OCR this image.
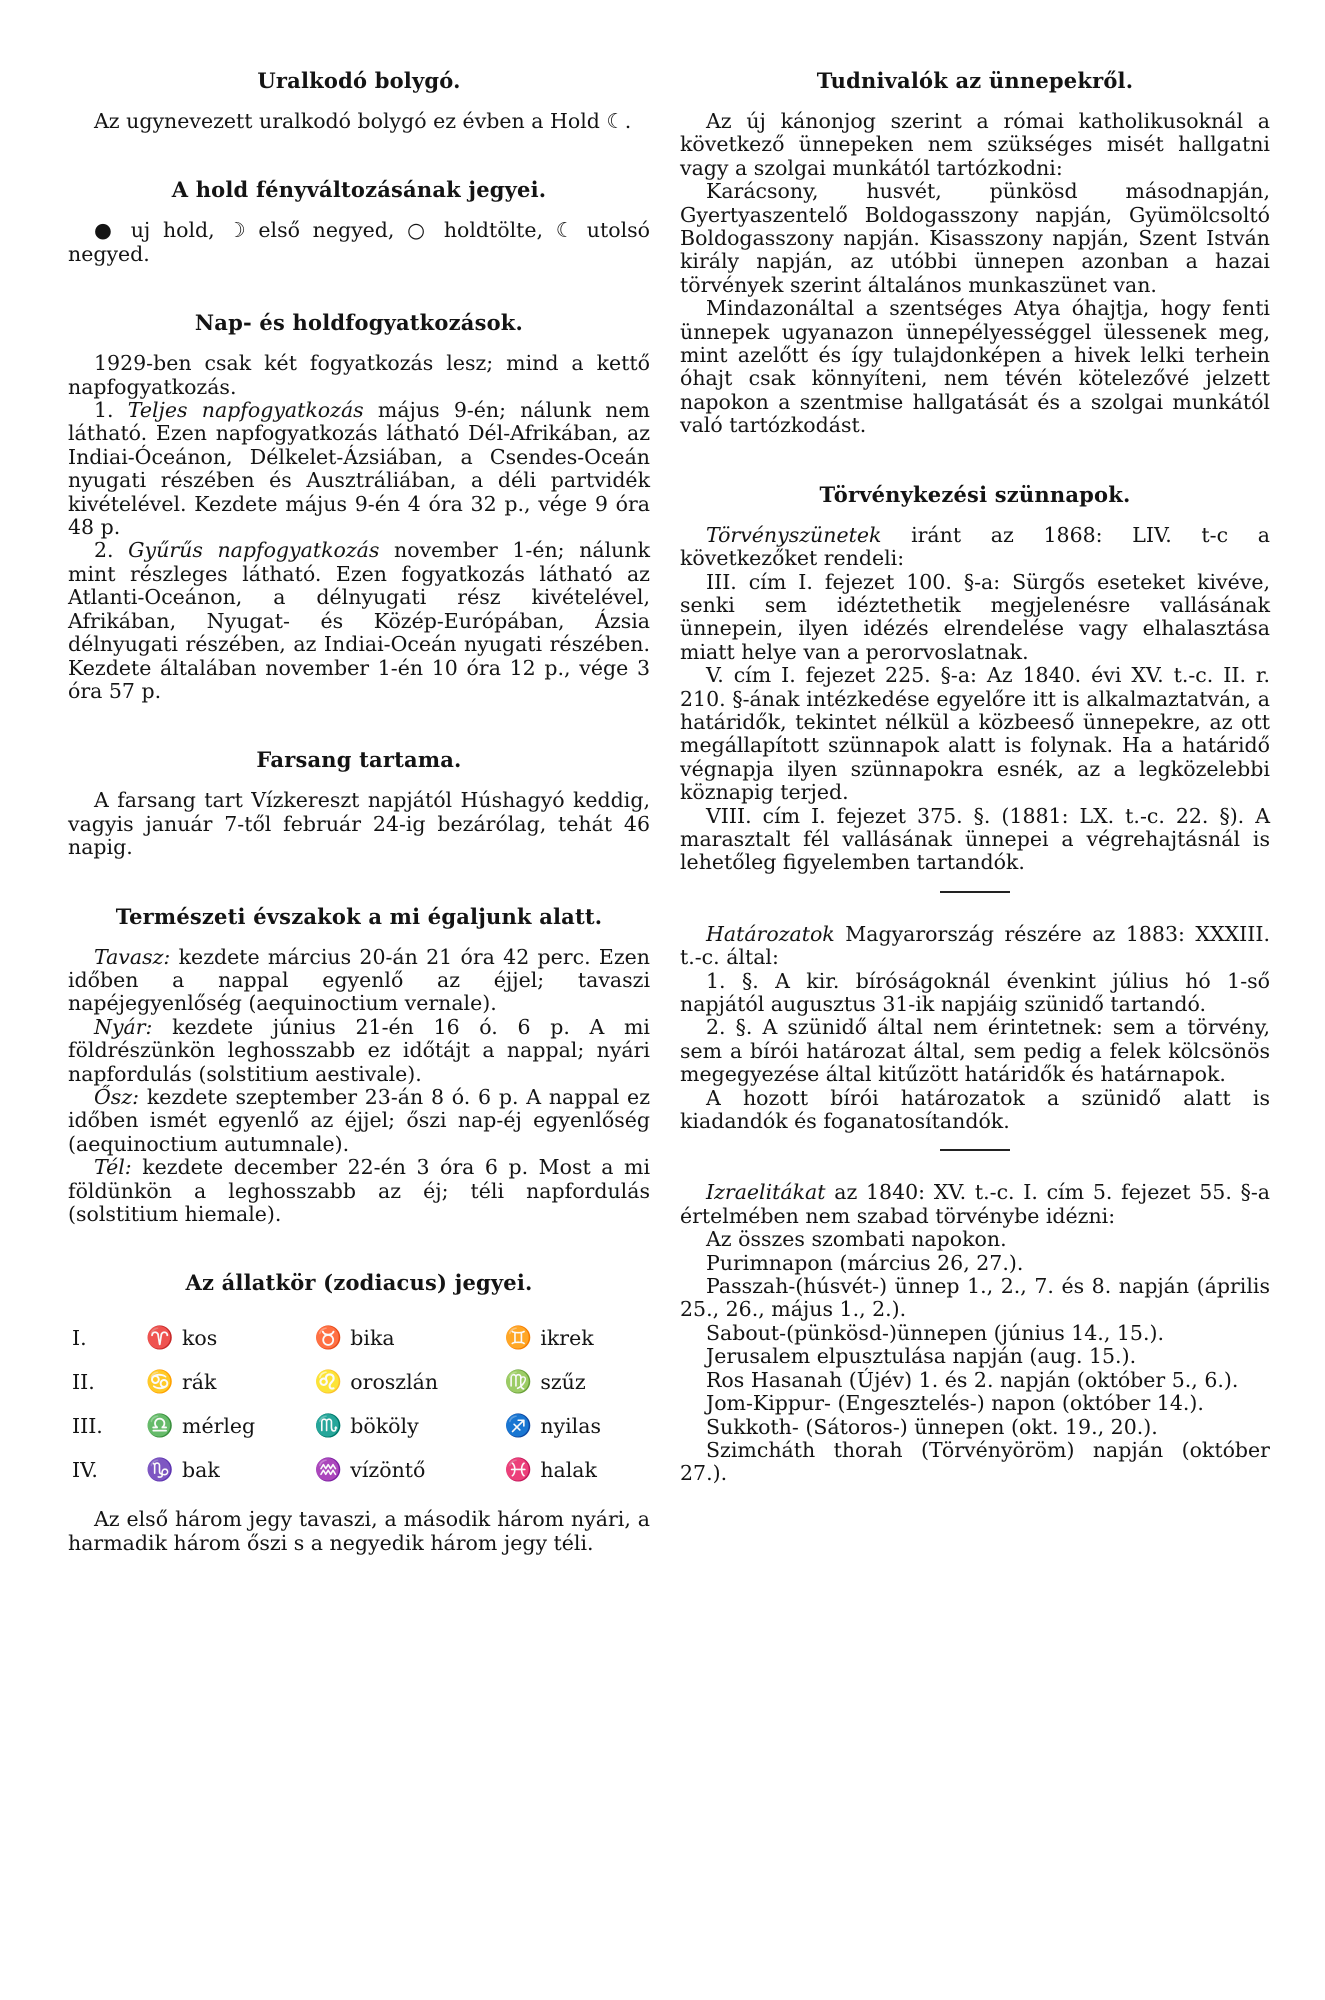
Uralkodó bolygó.

Az ugynevezett uralkodó bolygó ez évben a Hold ☾.

A hold fényváltozásának jegyei.

● uj hold, ☽ első negyed, ○ holdtölte, ☾ utolsó negyed.

Nap- és holdfogyatkozások.

1929-ben csak két fogyatkozás lesz; mind a kettő napfogyatkozás.

1. Teljes napfogyatkozás május 9-én; nálunk nem látható. Ezen napfogyatkozás látható Dél-Afrikában, az Indiai-Óceánon, Délkelet-Ázsiában, a Csendes-Oceán nyugati részében és Ausztráliában, a déli partvidék kivételével. Kezdete május 9-én 4 óra 32 p., vége 9 óra 48 p.

2. Gyűrűs napfogyatkozás november 1-én; nálunk mint részleges látható. Ezen fogyatkozás látható az Atlanti-Oceánon, a délnyugati rész kivételével, Afrikában, Nyugat- és Közép-Európában, Ázsia délnyugati részében, az Indiai-Oceán nyugati részében. Kezdete általában november 1-én 10 óra 12 p., vége 3 óra 57 p.

Farsang tartama.

A farsang tart Vízkereszt napjától Húshagyó keddig, vagyis január 7-től február 24-ig bezárólag, tehát 46 napig.

Természeti évszakok a mi égaljunk alatt.

Tavasz: kezdete március 20-án 21 óra 42 perc. Ezen időben a nappal egyenlő az éjjel; tavaszi napéjegyenlőség (aequinoctium vernale).

Nyár: kezdete június 21-én 16 ó. 6 p. A mi földrészünkön leghosszabb ez időtájt a nappal; nyári napfordulás (solstitium aestivale).

Ősz: kezdete szeptember 23-án 8 ó. 6 p. A nappal ez időben ismét egyenlő az éjjel; őszi nap-éj egyenlőség (aequinoctium autumnale).

Tél: kezdete december 22-én 3 óra 6 p. Most a mi földünkön a leghosszabb az éj; téli napfordulás (solstitium hiemale).

Az állatkör (zodiacus) jegyei.
I.	♈ kos	♉ bika	♊ ikrek
II.	♋ rák	♌ oroszlán	♍ szűz
III.	♎ mérleg	♏ bököly	♐ nyilas
IV.	♑ bak	♒ vízöntő	♓ halak

Az első három jegy tavaszi, a második három nyári, a harmadik három őszi s a negyedik három jegy téli.

Tudnivalók az ünnepekről.

Az új kánonjog szerint a római katholikusoknál a következő ünnepeken nem szükséges misét hallgatni vagy a szolgai munkától tartózkodni:

Karácsony, husvét, pünkösd másodnapján, Gyertyaszentelő Boldogasszony napján, Gyümölcsoltó Boldogasszony napján. Kisasszony napján, Szent István király napján, az utóbbi ünnepen azonban a hazai törvények szerint általános munkaszünet van.

Mindazonáltal a szentséges Atya óhajtja, hogy fenti ünnepek ugyanazon ünnepélyességgel ülessenek meg, mint azelőtt és így tulajdonképen a hivek lelki terhein óhajt csak könnyíteni, nem tévén kötelezővé jelzett napokon a szentmise hallgatását és a szolgai munkától való tartózkodást.

Törvénykezési szünnapok.

Törvényszünetek iránt az 1868: LIV. t-c a következőket rendeli:

III. cím I. fejezet 100. §-a: Sürgős eseteket kivéve, senki sem idéztethetik megjelenésre vallásának ünnepein, ilyen idézés elrendelése vagy elhalasztása miatt helye van a perorvoslatnak.

V. cím I. fejezet 225. §-a: Az 1840. évi XV. t.-c. II. r. 210. §-ának intézkedése egyelőre itt is alkalmaztatván, a határidők, tekintet nélkül a közbeeső ünnepekre, az ott megállapított szünnapok alatt is folynak. Ha a határidő végnapja ilyen szünnapokra esnék, az a legközelebbi köznapig terjed.

VIII. cím I. fejezet 375. §. (1881: LX. t.-c. 22. §). A marasztalt fél vallásának ünnepei a végrehajtásnál is lehetőleg figyelemben tartandók.

Határozatok Magyarország részére az 1883: XXXIII. t.-c. által:

1. §. A kir. bíróságoknál évenkint július hó 1-ső napjától augusztus 31-ik napjáig szünidő tartandó.

2. §. A szünidő által nem érintetnek: sem a törvény, sem a bírói határozat által, sem pedig a felek kölcsönös megegyezése által kitűzött határidők és határnapok.

A hozott bírói határozatok a szünidő alatt is kiadandók és foganatosítandók.

Izraelitákat az 1840: XV. t.-c. I. cím 5. fejezet 55. §-a értelmében nem szabad törvénybe idézni:

Az összes szombati napokon.

Purimnapon (március 26, 27.).

Passzah-(húsvét-) ünnep 1., 2., 7. és 8. napján (április 25., 26., május 1., 2.).

Sabout-(pünkösd-)ünnepen (június 14., 15.).

Jerusalem elpusztulása napján (aug. 15.).

Ros Hasanah (Újév) 1. és 2. napján (október 5., 6.).

Jom-Kippur- (Engesztelés-) napon (október 14.).

Sukkoth- (Sátoros-) ünnepen (okt. 19., 20.).

Szimcháth thorah (Törvényöröm) napján (október 27.).
